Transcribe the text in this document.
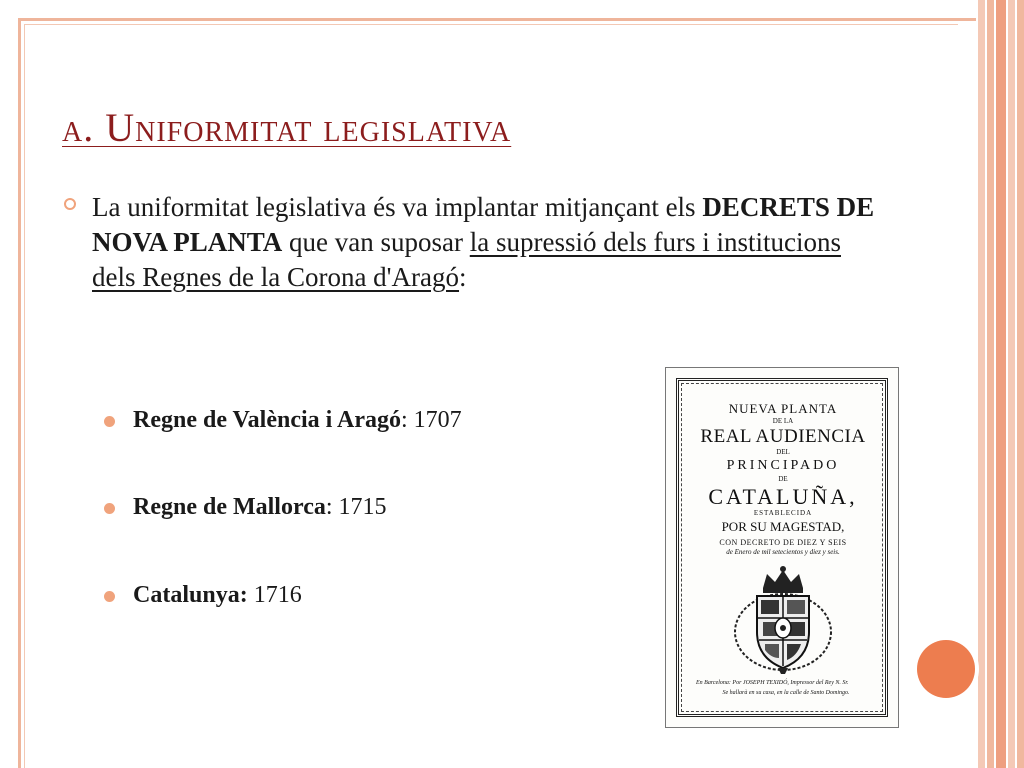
a. Uniformitat legislativa
La uniformitat legislativa és va implantar mitjançant els DECRETS DE NOVA PLANTA que van suposar la supressió dels furs i institucions dels Regnes de la Corona d'Aragó:
Regne de València i Aragó: 1707
Regne de Mallorca: 1715
Catalunya: 1716
NUEVA PLANTA
DE LA
REAL AUDIENCIA
DEL
PRINCIPADO
DE
CATALUÑA,
ESTABLECIDA
POR SU MAGESTAD,
CON DECRETO DE DIEZ Y SEIS
de Enero de mil setecientos y diez y seis.
En Barcelona: Por JOSEPH TEXIDÓ, Impressor del Rey N. Sr.
Se hallarà en su casa, en la calle de Santo Domingo.
